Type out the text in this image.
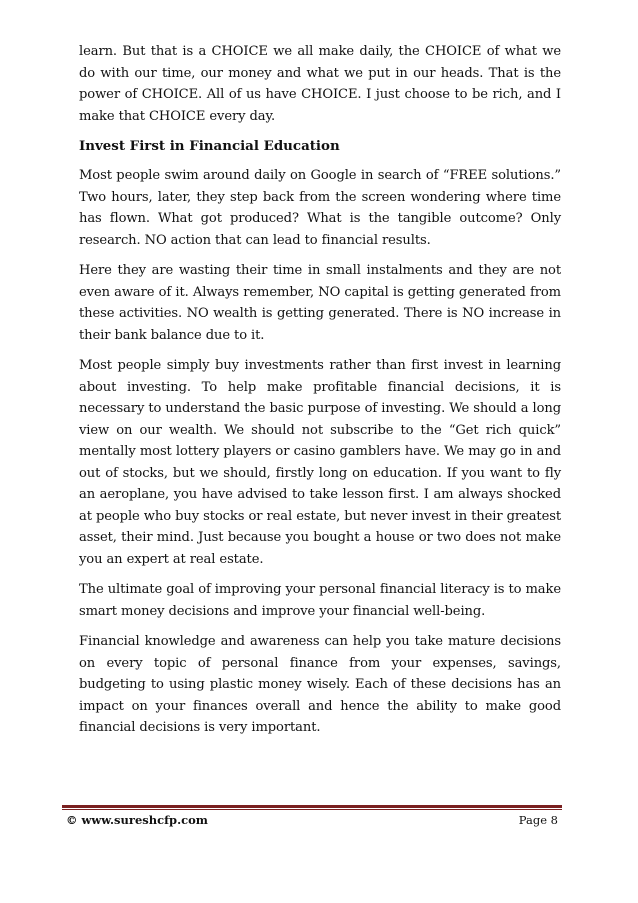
learn. But that is a CHOICE we all make daily, the CHOICE of what we do with our time, our money and what we put in our heads. That is the power of CHOICE. All of us have CHOICE. I just choose to be rich, and I make that CHOICE every day.

Invest First in Financial Education

Most people swim around daily on Google in search of “FREE solutions.” Two hours, later, they step back from the screen wondering where time has flown. What got produced? What is the tangible outcome? Only research. NO action that can lead to financial results.

Here they are wasting their time in small instalments and they are not even aware of it. Always remember, NO capital is getting generated from these activities. NO wealth is getting generated. There is NO increase in their bank balance due to it.

Most people simply buy investments rather than first invest in learning about investing. To help make profitable financial decisions, it is necessary to understand the basic purpose of investing. We should a long view on our wealth. We should not subscribe to the “Get rich quick” mentally most lottery players or casino gamblers have. We may go in and out of stocks, but we should, firstly long on education. If you want to fly an aeroplane, you have advised to take lesson first. I am always shocked at people who buy stocks or real estate, but never invest in their greatest asset, their mind. Just because you bought a house or two does not make you an expert at real estate.

The ultimate goal of improving your personal financial literacy is to make smart money decisions and improve your financial well-being.

Financial knowledge and awareness can help you take mature decisions on every topic of personal finance from your expenses, savings, budgeting to using plastic money wisely. Each of these decisions has an impact on your finances overall and hence the ability to make good financial decisions is very important.

© www.sureshcfp.com	Page 8
